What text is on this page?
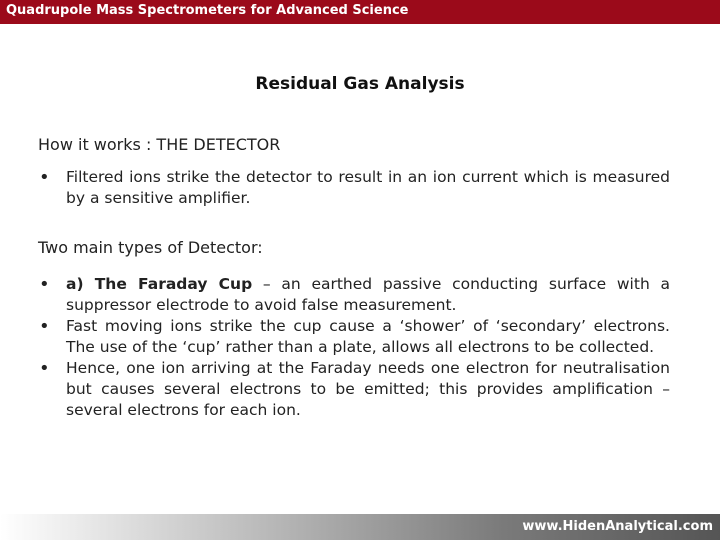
Quadrupole Mass Spectrometers for Advanced Science
Residual Gas Analysis
How it works : THE DETECTOR
• Filtered ions strike the detector to result in an ion current which is measured by a sensitive amplifier.
Two main types of Detector:
• a) The Faraday Cup – an earthed passive conducting surface with a suppressor electrode to avoid false measurement.
• Fast moving ions strike the cup cause a ‘shower’ of ‘secondary’ electrons. The use of the ‘cup’ rather than a plate, allows all electrons to be collected.
• Hence, one ion arriving at the Faraday needs one electron for neutralisation but causes several electrons to be emitted; this provides amplification – several electrons for each ion.
www.HidenAnalytical.com
